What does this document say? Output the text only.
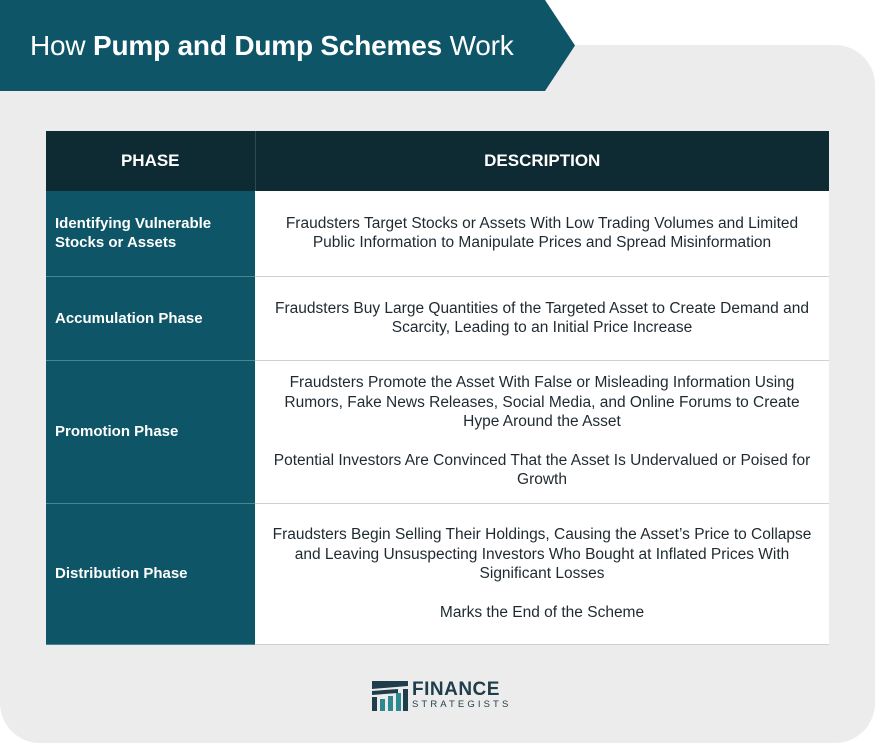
How Pump and Dump Schemes Work
PHASE	DESCRIPTION
Identifying Vulnerable Stocks or Assets	Fraudsters Target Stocks or Assets With Low Trading Volumes and Limited Public Information to Manipulate Prices and Spread Misinformation

Accumulation Phase	Fraudsters Buy Large Quantities of the Targeted Asset to Create Demand and Scarcity, Leading to an Initial Price Increase

Promotion Phase	Fraudsters Promote the Asset With False or Misleading Information Using Rumors, Fake News Releases, Social Media, and Online Forums to Create Hype Around the Asset

Potential Investors Are Convinced That the Asset Is Undervalued or Poised for Growth

Distribution Phase	Fraudsters Begin Selling Their Holdings, Causing the Asset’s Price to Collapse and Leaving Unsuspecting Investors Who Bought at Inflated Prices With Significant Losses

Marks the End of the Scheme

FINANCE
STRATEGISTS
